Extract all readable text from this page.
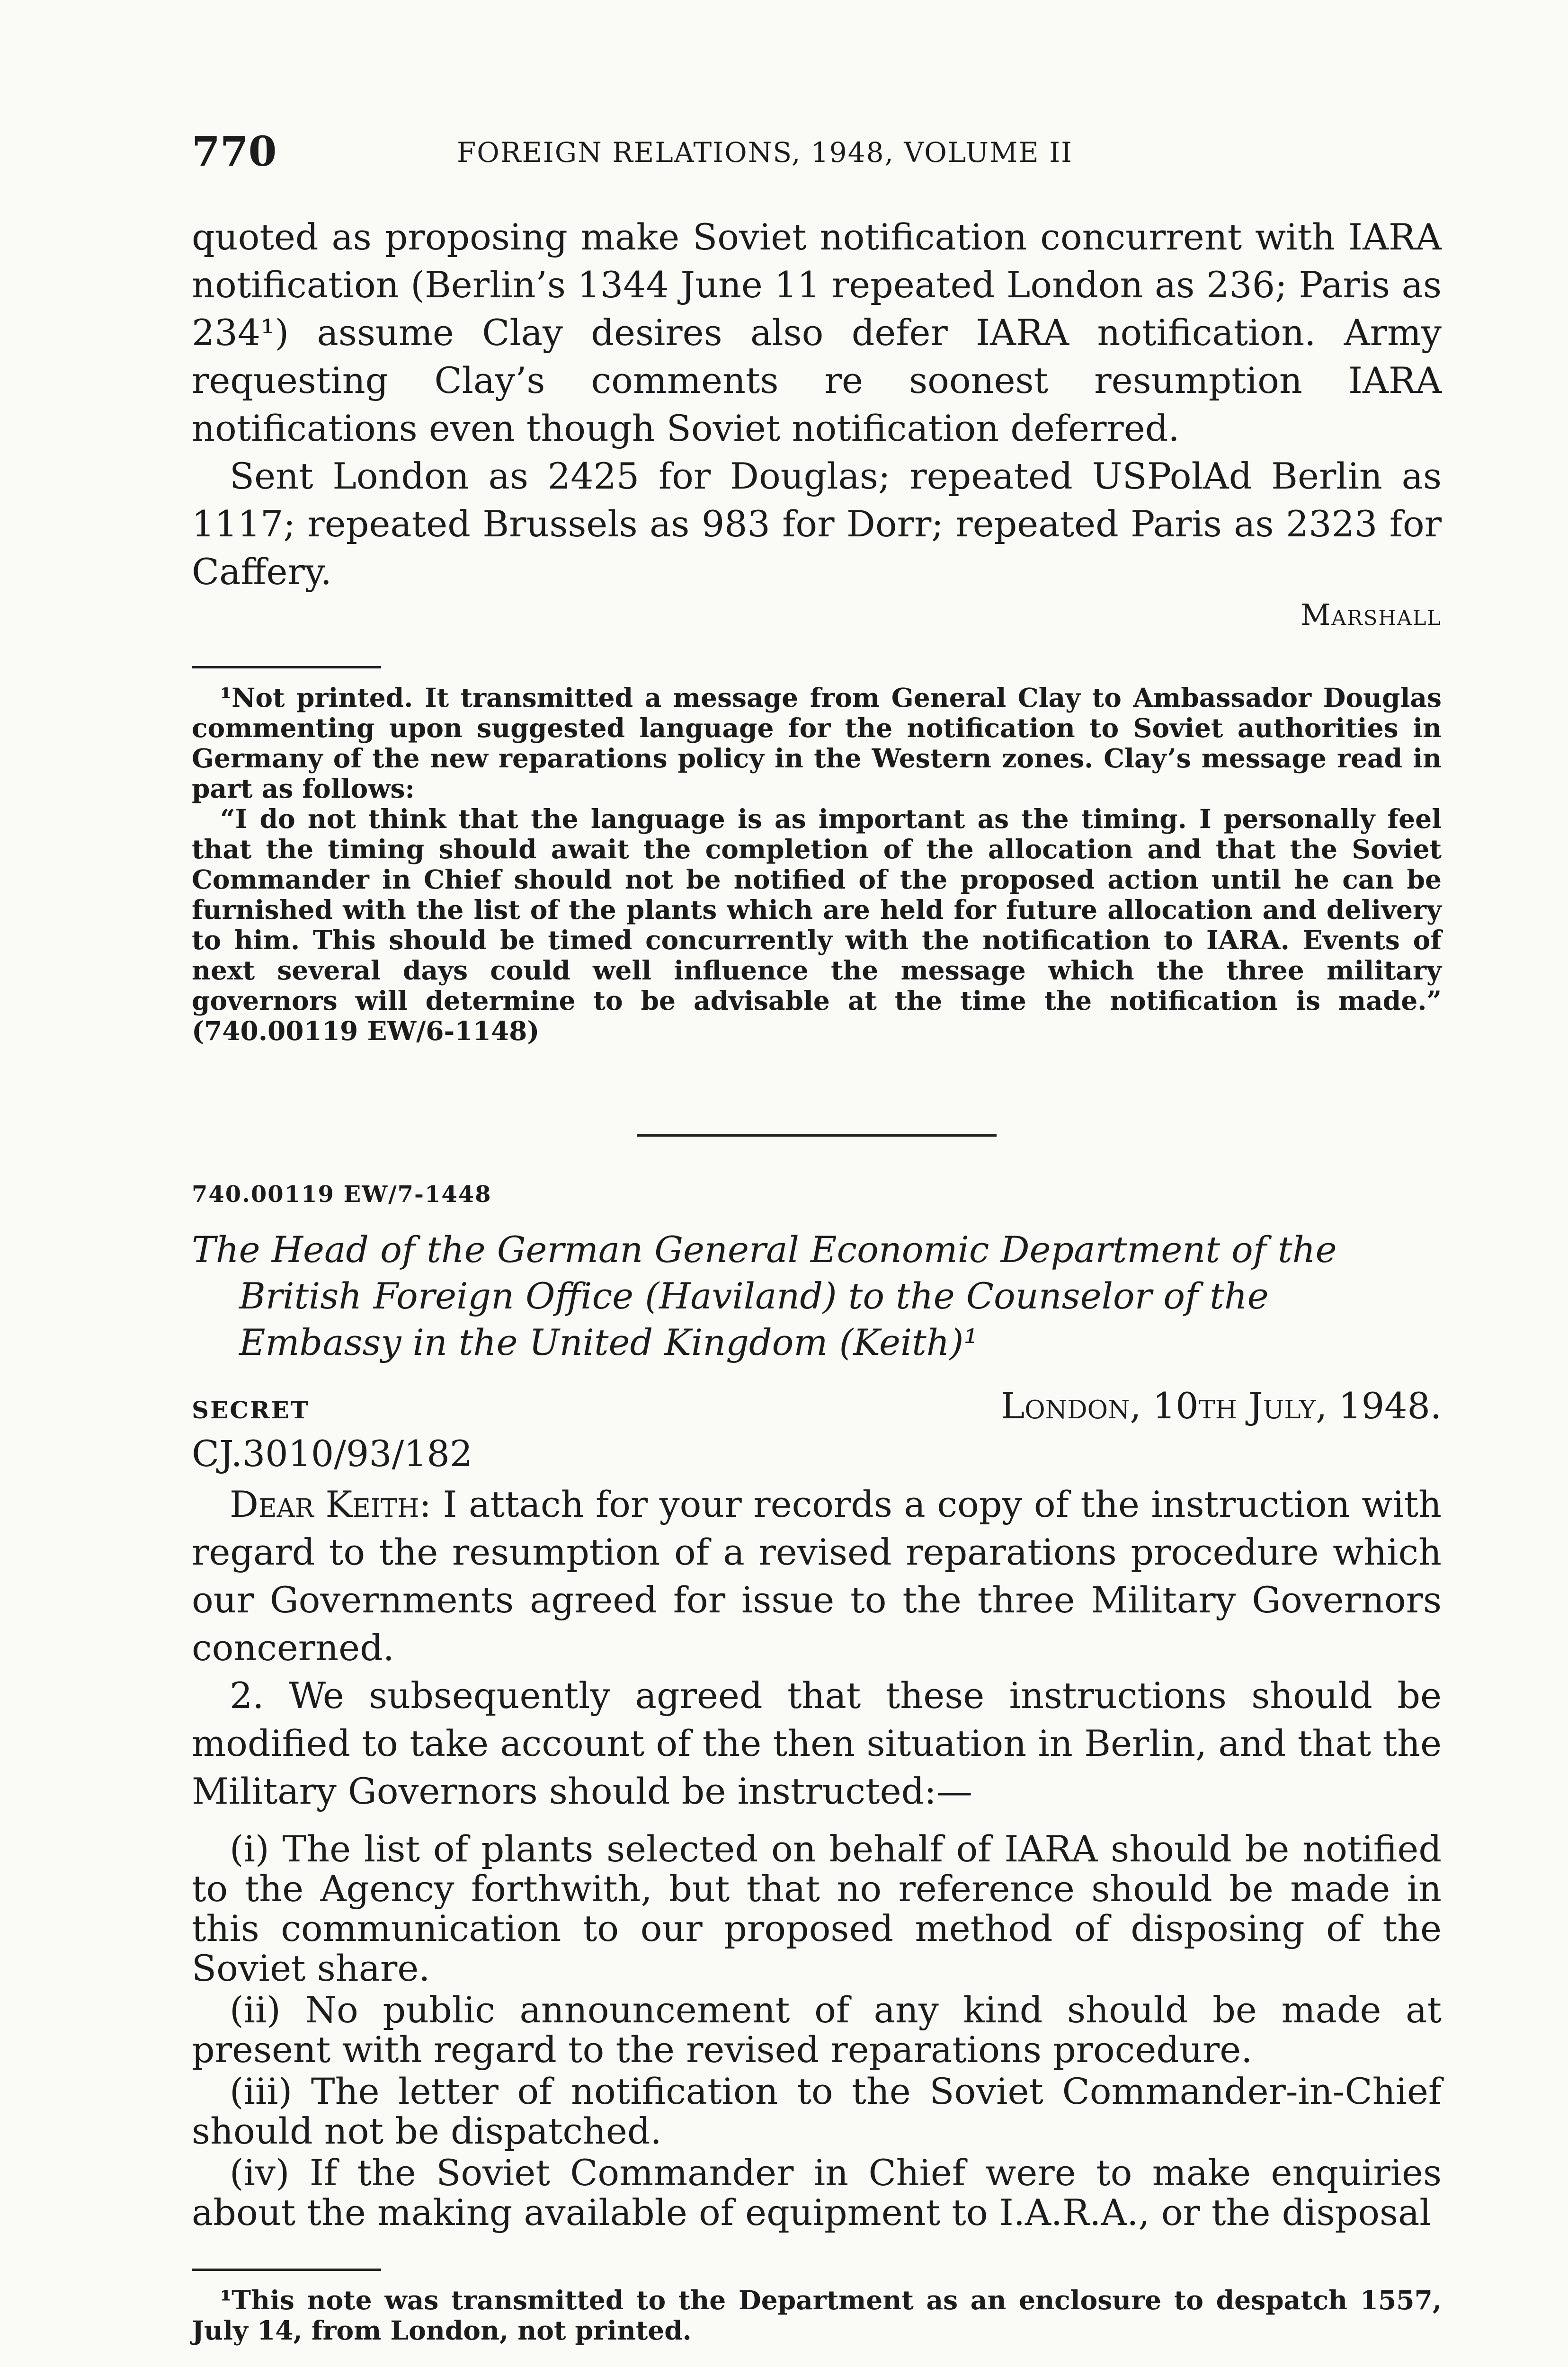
770	FOREIGN RELATIONS, 1948, VOLUME II

quoted as proposing make Soviet notification concurrent with IARA notification (Berlin’s 1344 June 11 repeated London as 236; Paris as 234¹) assume Clay desires also defer IARA notification. Army requesting Clay’s comments re soonest resumption IARA notifications even though Soviet notification deferred.

Sent London as 2425 for Douglas; repeated USPolAd Berlin as 1117; repeated Brussels as 983 for Dorr; repeated Paris as 2323 for Caffery.

Marshall

¹Not printed. It transmitted a message from General Clay to Ambassador Douglas commenting upon suggested language for the notification to Soviet authorities in Germany of the new reparations policy in the Western zones. Clay’s message read in part as follows:

“I do not think that the language is as important as the timing. I personally feel that the timing should await the completion of the allocation and that the Soviet Commander in Chief should not be notified of the proposed action until he can be furnished with the list of the plants which are held for future allocation and delivery to him. This should be timed concurrently with the notification to IARA. Events of next several days could well influence the message which the three military governors will determine to be advisable at the time the notification is made.” (740.00119 EW/6-1148)

740.00119 EW/7-1448

The Head of the German General Economic Department of the British Foreign Office (Haviland) to the Counselor of the Embassy in the United Kingdom (Keith)¹

SECRET	London, 10th July, 1948.

CJ.3010/93/182

Dear Keith: I attach for your records a copy of the instruction with regard to the resumption of a revised reparations procedure which our Governments agreed for issue to the three Military Governors concerned.

2. We subsequently agreed that these instructions should be modified to take account of the then situation in Berlin, and that the Military Governors should be instructed:—

(i) The list of plants selected on behalf of IARA should be notified to the Agency forthwith, but that no reference should be made in this communication to our proposed method of disposing of the Soviet share.

(ii) No public announcement of any kind should be made at present with regard to the revised reparations procedure.

(iii) The letter of notification to the Soviet Commander-in-Chief should not be dispatched.

(iv) If the Soviet Commander in Chief were to make enquiries about the making available of equipment to I.A.R.A., or the disposal

¹This note was transmitted to the Department as an enclosure to despatch 1557, July 14, from London, not printed.
